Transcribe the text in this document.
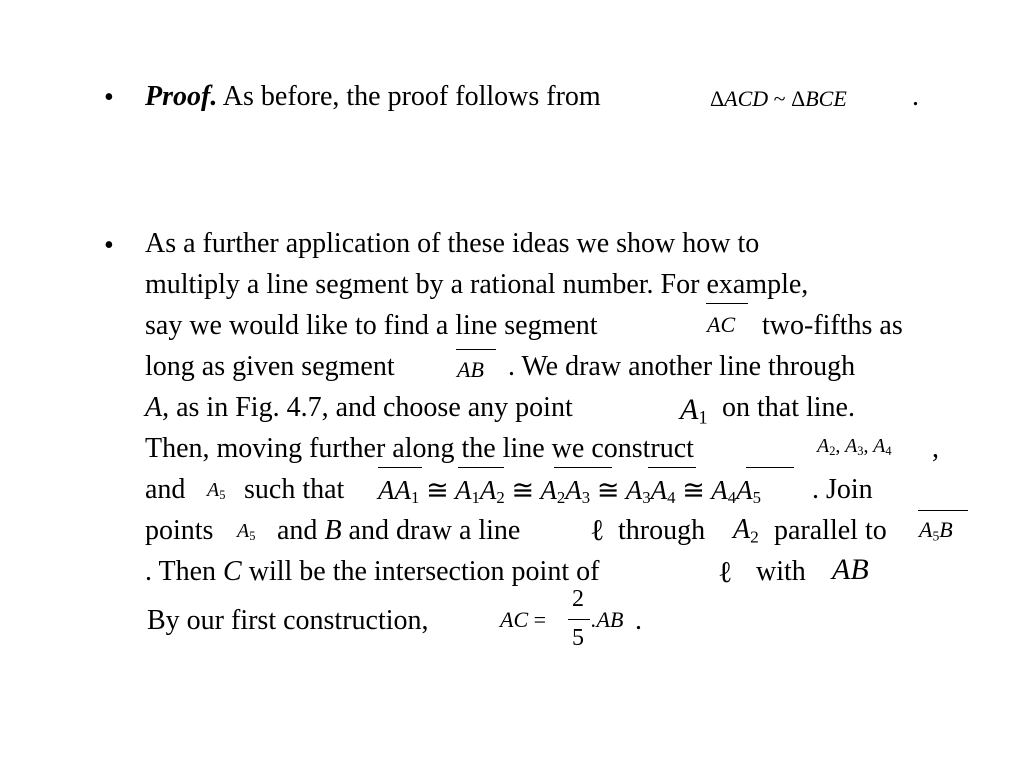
• Proof. As before, the proof follows from	ΔACD ~ ΔBCE .
• As a further application of these ideas we show how to
multiply a line segment by a rational number. For example,
say we would like to find a line segment	AC two-fifths as
long as given segment	AB . We draw another line through
A, as in Fig. 4.7, and choose any point	$A_1$ on that line.
Then, moving further along the line we construct	$A_2$, $A_3$, $A_4$ ,
and $A_5$ such that $AA_1$ ≅ $A_1A_2$ ≅ $A_2A_3$ ≅ $A_3A_4$ ≅ $A_4A_5$ . Join
points $A_5$ and B and draw a line ℓ through $A_2$ parallel to $A_5B$
. Then C will be the intersection point of	ℓ with AB
By our first construction,	AC =
2
5
.AB .
